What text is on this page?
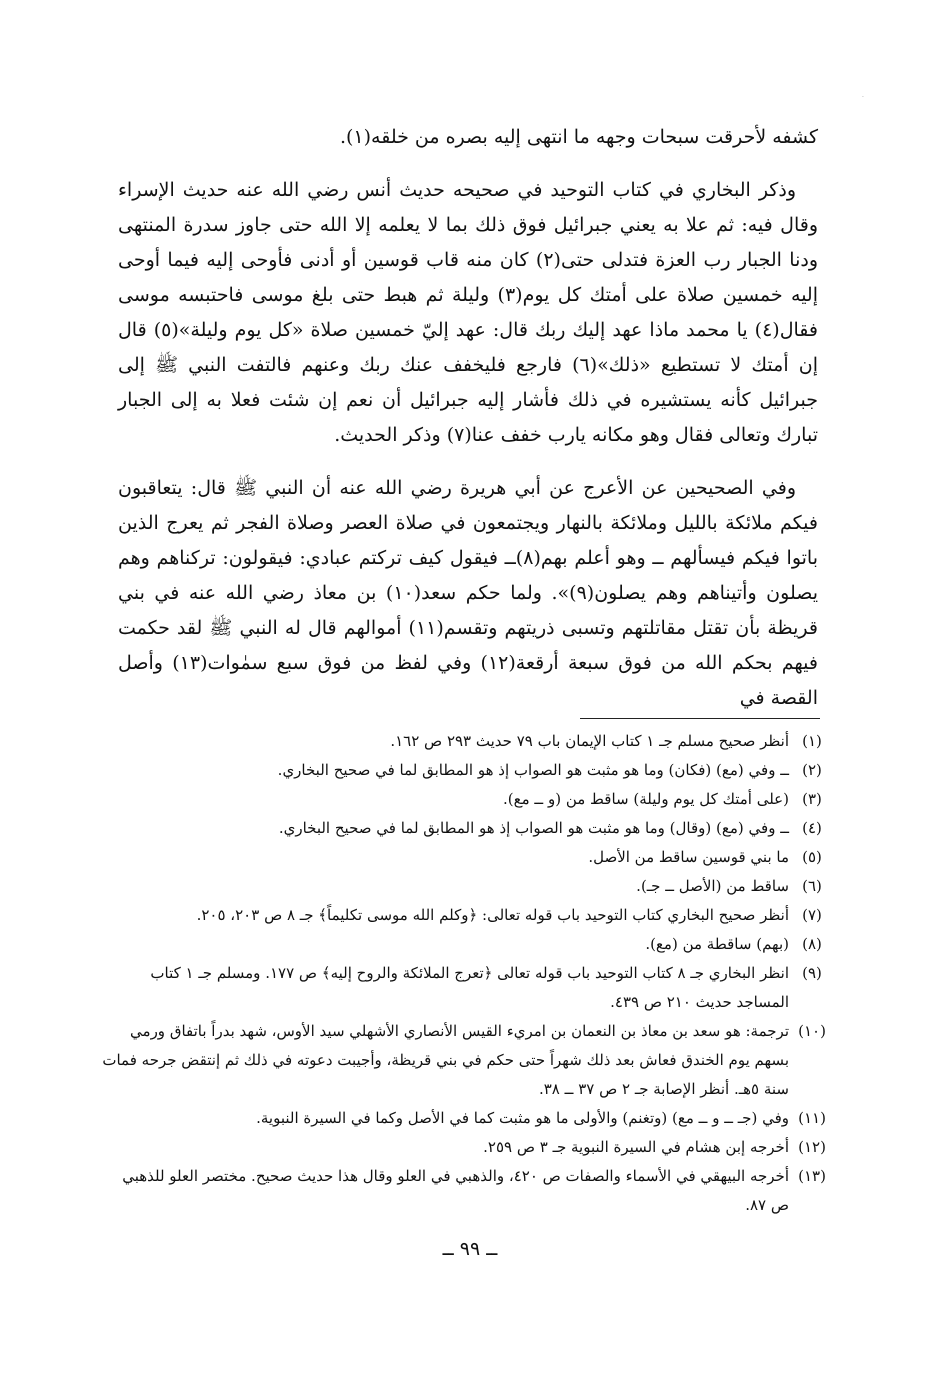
·

كشفه لأحرقت سبحات وجهه ما انتهى إليه بصره من خلقه(١).

وذكر البخاري في كتاب التوحيد في صحيحه حديث أنس رضي الله عنه حديث الإسراء وقال فيه: ثم علا به يعني جبرائيل فوق ذلك بما لا يعلمه إلا الله حتى جاوز سدرة المنتهى ودنا الجبار رب العزة فتدلى حتى(٢) كان منه قاب قوسين أو أدنى فأوحى إليه فيما أوحى إليه خمسين صلاة على أمتك كل يوم(٣) وليلة ثم هبط حتى بلغ موسى فاحتبسه موسى فقال(٤) يا محمد ماذا عهد إليك ربك قال: عهد إليّ خمسين صلاة «كل يوم وليلة»(٥) قال إن أمتك لا تستطيع «ذلك»(٦) فارجع فليخفف عنك ربك وعنهم فالتفت النبي ﷺ إلى جبرائيل كأنه يستشيره في ذلك فأشار إليه جبرائيل أن نعم إن شئت فعلا به إلى الجبار تبارك وتعالى فقال وهو مكانه يارب خفف عنا(٧) وذكر الحديث.

وفي الصحيحين عن الأعرج عن أبي هريرة رضي الله عنه أن النبي ﷺ قال: يتعاقبون فيكم ملائكة بالليل وملائكة بالنهار ويجتمعون في صلاة العصر وصلاة الفجر ثم يعرج الذين باتوا فيكم فيسألهم ــ وهو أعلم بهم(٨)ــ فيقول كيف تركتم عبادي: فيقولون: تركناهم وهم يصلون وأتيناهم وهم يصلون(٩)». ولما حكم سعد(١٠) بن معاذ رضي الله عنه في بني قريظة بأن تقتل مقاتلتهم وتسبى ذريتهم وتقسم(١١) أموالهم قال له النبي ﷺ لقد حكمت فيهم بحكم الله من فوق سبعة أرقعة(١٢) وفي لفظ من فوق سبع سمٰوات(١٣) وأصل القصة في

(١)
أنظر صحيح مسلم جـ ١ كتاب الإيمان باب ٧٩ حديث ٢٩٣ ص ١٦٢.
(٢)
ــ وفي (مع) (فكان) وما هو مثبت هو الصواب إذ هو المطابق لما في صحيح البخاري.
(٣)
(على أمتك كل يوم وليلة) ساقط من (و ــ مع).
(٤)
ــ وفي (مع) (وقال) وما هو مثبت هو الصواب إذ هو المطابق لما في صحيح البخاري.
(٥)
ما بني قوسين ساقط من الأصل.
(٦)
ساقط من (الأصل ــ جـ).
(٧)
أنظر صحيح البخاري كتاب التوحيد باب قوله تعالى: ﴿وكلم الله موسى تكليماً﴾ جـ ٨ ص ٢٠٣، ٢٠٥.
(٨)
(بهم) ساقطة من (مع).
(٩)
انظر البخاري جـ ٨ كتاب التوحيد باب قوله تعالى ﴿تعرج الملائكة والروح إليه﴾ ص ١٧٧. ومسلم جـ ١ كتاب المساجد حديث ٢١٠ ص ٤٣٩.
(١٠)
ترجمة: هو سعد بن معاذ بن النعمان بن امريء القيس الأنصاري الأشهلي سيد الأوس، شهد بدراً باتفاق ورمي بسهم يوم الخندق فعاش بعد ذلك شهراً حتى حكم في بني قريظة، وأجيبت دعوته في ذلك ثم إنتقض جرحه فمات سنة ٥هـ. أنظر الإصابة جـ ٢ ص ٣٧ ــ ٣٨.
(١١)
وفي (جـ ــ و ــ مع) (وتغنم) والأولى ما هو مثبت كما في الأصل وكما في السيرة النبوية.
(١٢)
أخرجه إبن هشام في السيرة النبوية جـ ٣ ص ٢٥٩.
(١٣)
أخرجه البيهقي في الأسماء والصفات ص ٤٢٠، والذهبي في العلو وقال هذا حديث صحيح. مختصر العلو للذهبي ص ٨٧.
ــ ٩٩ ــ
